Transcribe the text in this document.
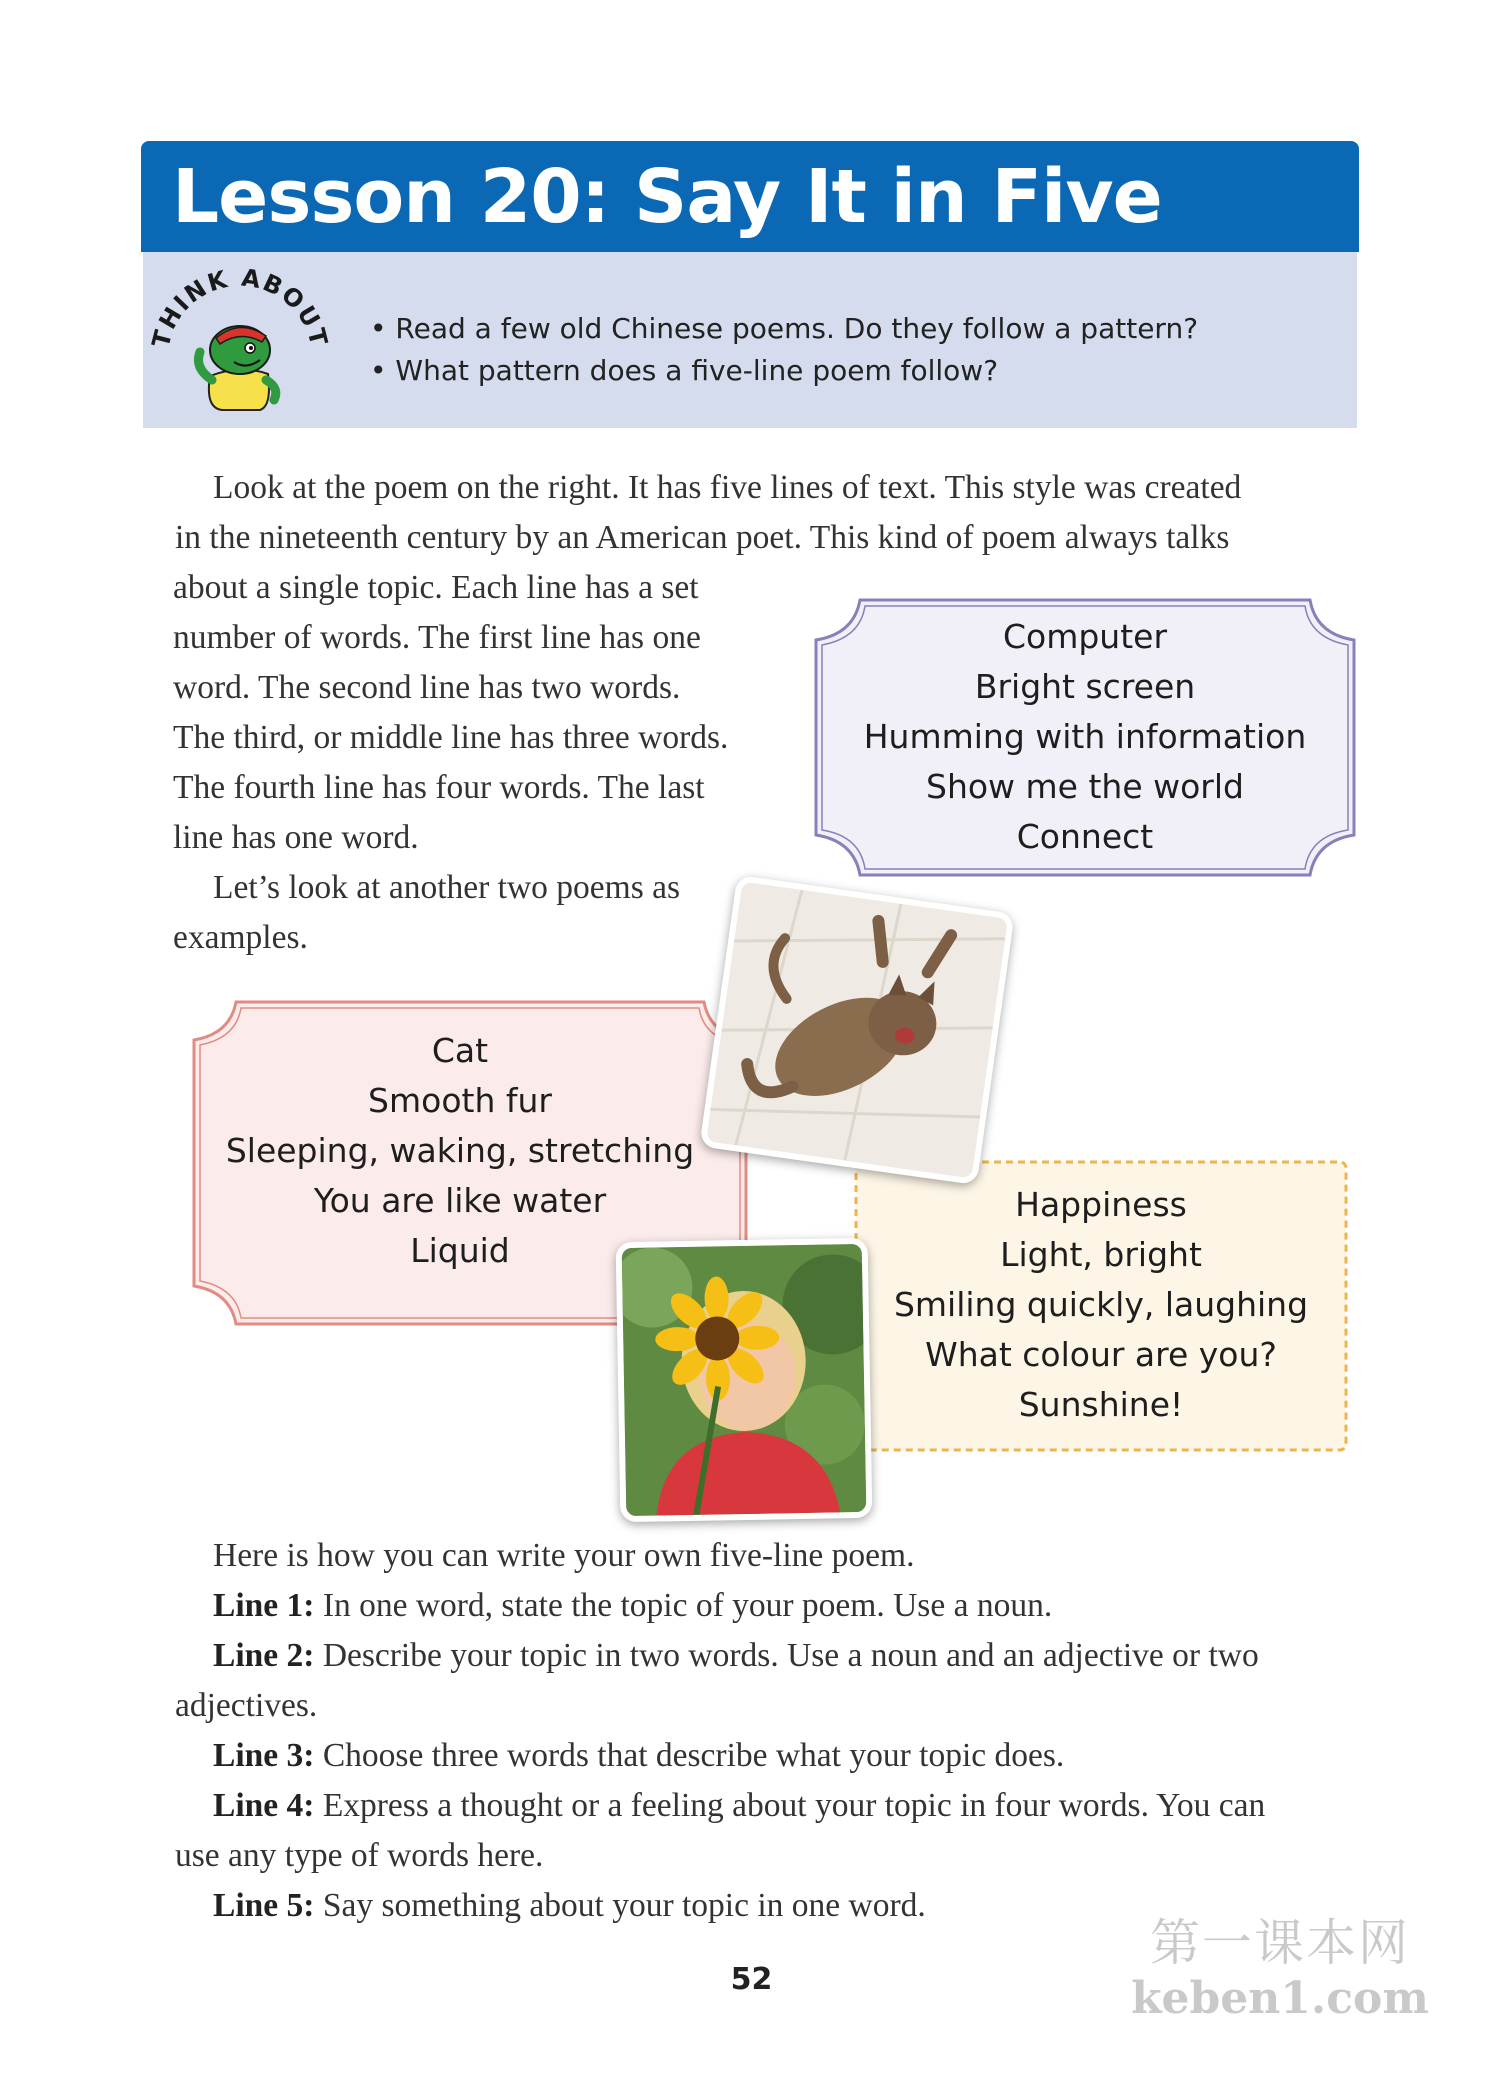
Lesson 20: Say It in Five
HINK ABOU • Read a few old Chinese poems. Do they follow a pattern?
• What pattern does a five-line poem follow?
Look at the poem on the right. It has five lines of text. This style was created
in the nineteenth century by an American poet. This kind of poem always talks
about a single topic. Each line has a set
number of words. The first line has one
word. The second line has two words.
The third, or middle line has three words.
The fourth line has four words. The last
line has one word.
Let’s look at another two poems as
examples.
Computer
Bright screen
Humming with information
Show me the world
Connect
Cat
Smooth fur
Sleeping, waking, stretching
You are like water
Liquid
Happiness
Light, bright
Smiling quickly, laughing
What colour are you?
Sunshine!
Here is how you can write your own five-line poem.
Line 1: In one word, state the topic of your poem. Use a noun.
Line 2: Describe your topic in two words. Use a noun and an adjective or two
adjectives.
Line 3: Choose three words that describe what your topic does.
Line 4: Express a thought or a feeling about your topic in four words. You can
use any type of words here.
Line 5: Say something about your topic in one word.
52
第一课本网
keben1.com
